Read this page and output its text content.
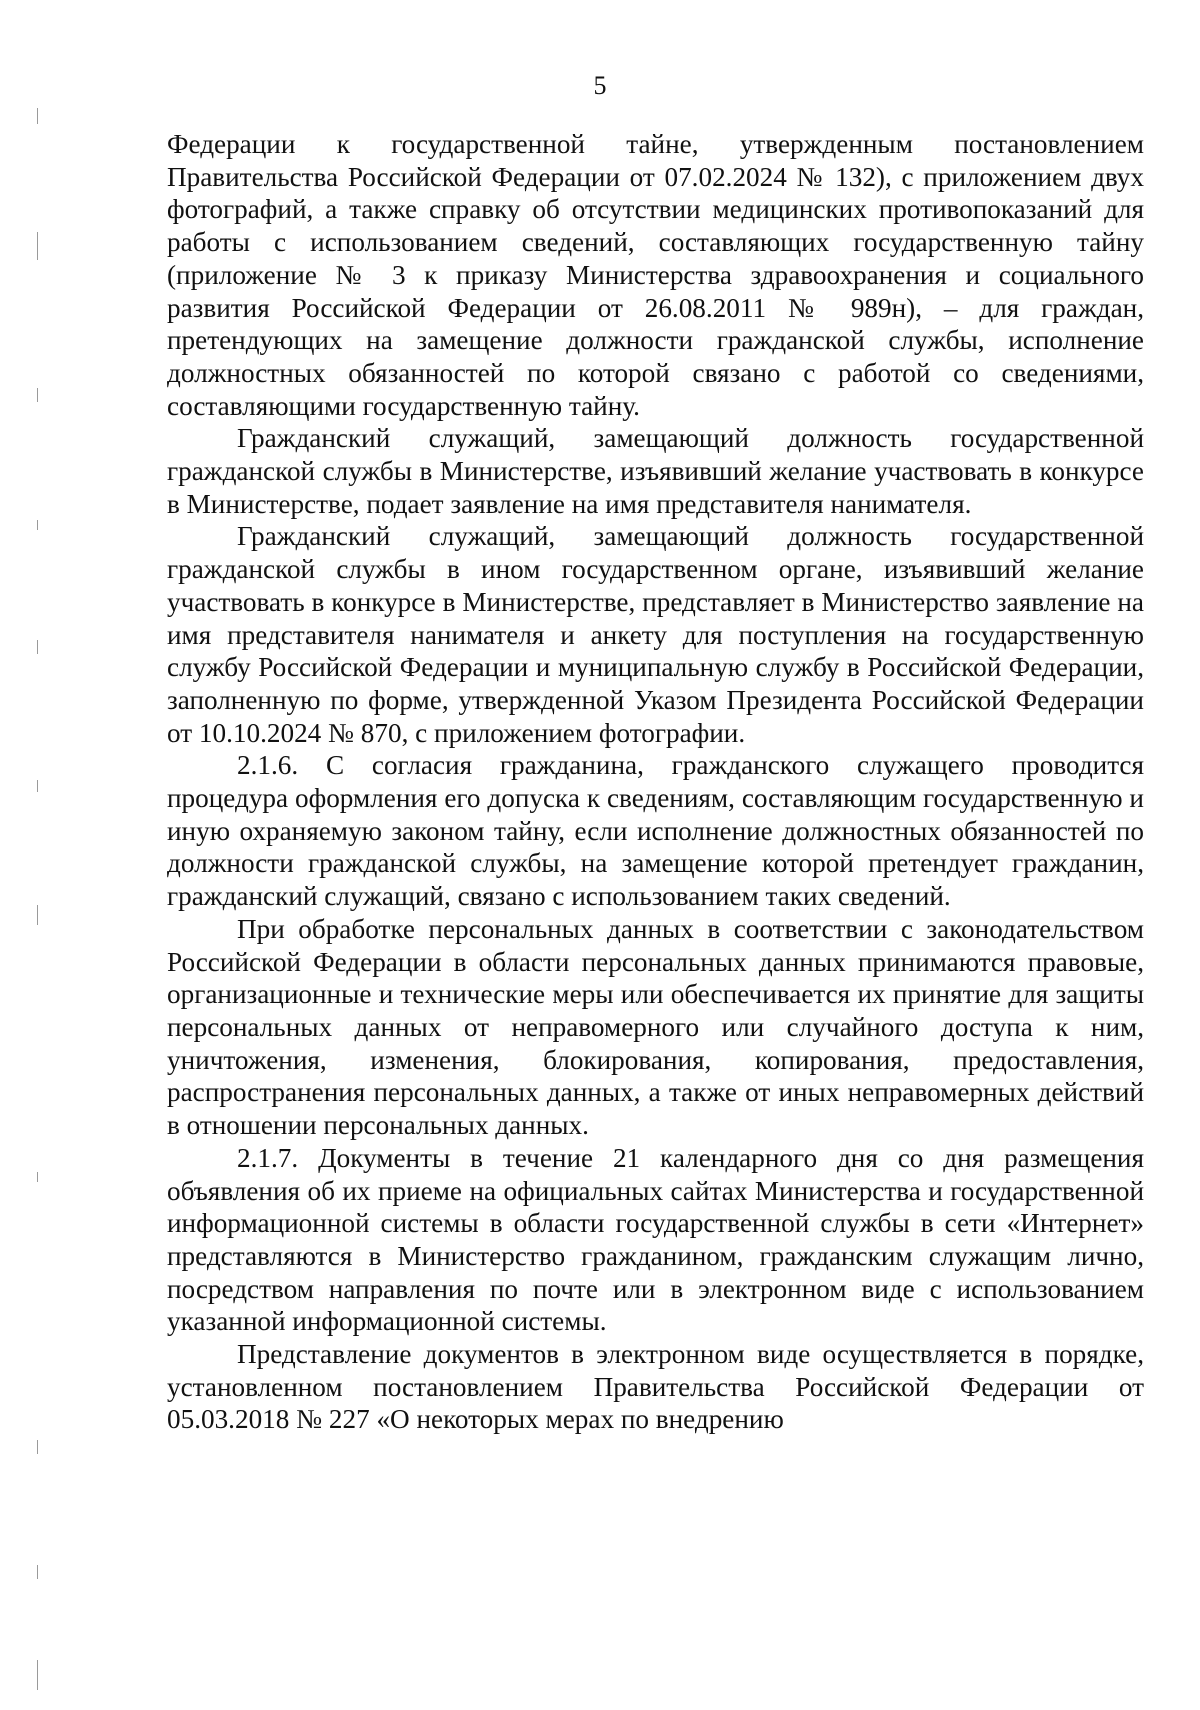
5

Федерации к государственной тайне, утвержденным постановлением Правительства Российской Федерации от 07.02.2024 № 132), с приложением двух фотографий, а также справку об отсутствии медицинских противопоказаний для работы с использованием сведений, составляющих государственную тайну (приложение № 3 к приказу Министерства здравоохранения и социального развития Российской Федерации от 26.08.2011 № 989н), – для граждан, претендующих на замещение должности гражданской службы, исполнение должностных обязанностей по которой связано с работой со сведениями, составляющими государственную тайну.

Гражданский служащий, замещающий должность государственной гражданской службы в Министерстве, изъявивший желание участвовать в конкурсе в Министерстве, подает заявление на имя представителя нанимателя.

Гражданский служащий, замещающий должность государственной гражданской службы в ином государственном органе, изъявивший желание участвовать в конкурсе в Министерстве, представляет в Министерство заявление на имя представителя нанимателя и анкету для поступления на государственную службу Российской Федерации и муниципальную службу в Российской Федерации, заполненную по форме, утвержденной Указом Президента Российской Федерации от 10.10.2024 № 870, с приложением фотографии.

2.1.6. С согласия гражданина, гражданского служащего проводится процедура оформления его допуска к сведениям, составляющим государственную и иную охраняемую законом тайну, если исполнение должностных обязанностей по должности гражданской службы, на замещение которой претендует гражданин, гражданский служащий, связано с использованием таких сведений.

При обработке персональных данных в соответствии с законодательством Российской Федерации в области персональных данных принимаются правовые, организационные и технические меры или обеспечивается их принятие для защиты персональных данных от неправомерного или случайного доступа к ним, уничтожения, изменения, блокирования, копирования, предоставления, распространения персональных данных, а также от иных неправомерных действий в отношении персональных данных.

2.1.7. Документы в течение 21 календарного дня со дня размещения объявления об их приеме на официальных сайтах Министерства и государственной информационной системы в области государственной службы в сети «Интернет» представляются в Министерство гражданином, гражданским служащим лично, посредством направления по почте или в электронном виде с использованием указанной информационной системы.

Представление документов в электронном виде осуществляется в порядке, установленном постановлением Правительства Российской Федерации от 05.03.2018 № 227 «О некоторых мерах по внедрению
